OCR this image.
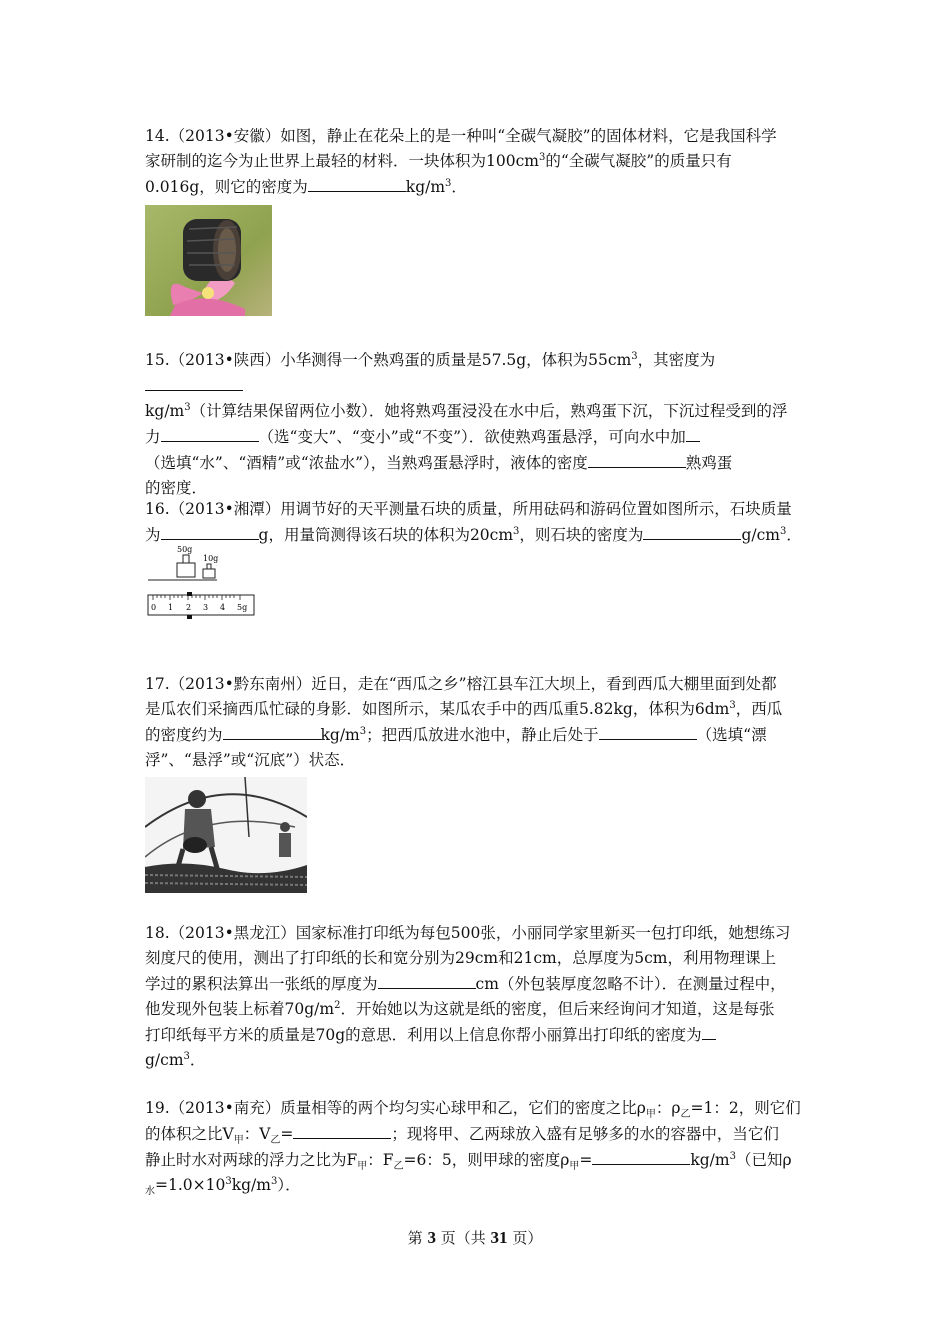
14.（2013•安徽）如图，静止在花朵上的是一种叫“全碳气凝胶”的固体材料，它是我国科学

家研制的迄今为止世界上最轻的材料．一块体积为$100cm^3$的“全碳气凝胶”的质量只有

0.016g，则它的密度为	$kg/m^3$．

15.（2013•陕西）小华测得一个熟鸡蛋的质量是57.5g，体积为$55cm^3$，其密度为

$kg/m^3$（计算结果保留两位小数）．她将熟鸡蛋浸没在水中后，熟鸡蛋下沉，下沉过程受到的浮

力	（选“变大”、“变小”或“不变”）．欲使熟鸡蛋悬浮，可向水中加

（选填“水”、“酒精”或“浓盐水”），当熟鸡蛋悬浮时，液体的密度	熟鸡蛋

的密度．

16.（2013•湘潭）用调节好的天平测量石块的质量，所用砝码和游码位置如图所示，石块质量

为	g，用量筒测得该石块的体积为$20cm^3$，则石块的密度为	$g/cm^3$．

50g
10g
0 1 2 3 4 5g

17.（2013•黔东南州）近日，走在“西瓜之乡”榕江县车江大坝上，看到西瓜大棚里面到处都

是瓜农们采摘西瓜忙碌的身影．如图所示，某瓜农手中的西瓜重5.82kg，体积为$6dm^3$，西瓜

的密度约为	$kg/m^3$；把西瓜放进水池中，静止后处于	（选填“漂

浮”、“悬浮”或“沉底”）状态．

18.（2013•黑龙江）国家标准打印纸为每包500张，小丽同学家里新买一包打印纸，她想练习

刻度尺的使用，测出了打印纸的长和宽分别为29cm和21cm，总厚度为5cm，利用物理课上

学过的累积法算出一张纸的厚度为	cm（外包装厚度忽略不计）．在测量过程中，

他发现外包装上标着$70g/m^2$．开始她以为这就是纸的密度，但后来经询问才知道，这是每张

打印纸每平方米的质量是70g的意思．利用以上信息你帮小丽算出打印纸的密度为

$g/cm^3$．

19.（2013•南充）质量相等的两个均匀实心球甲和乙，它们的密度之比$\rho_甲$：$\rho_乙=1$：2，则它们

的体积之比$V_甲$：$V_乙=$	；现将甲、乙两球放入盛有足够多的水的容器中，当它们

静止时水对两球的浮力之比为$F_甲$：$F_乙=6$：5，则甲球的密度$\rho_甲=$	$kg/m^3$（已知ρ

$_水=1.0\times 10^3kg/m^3$）．

第 3 页（共 31 页）
